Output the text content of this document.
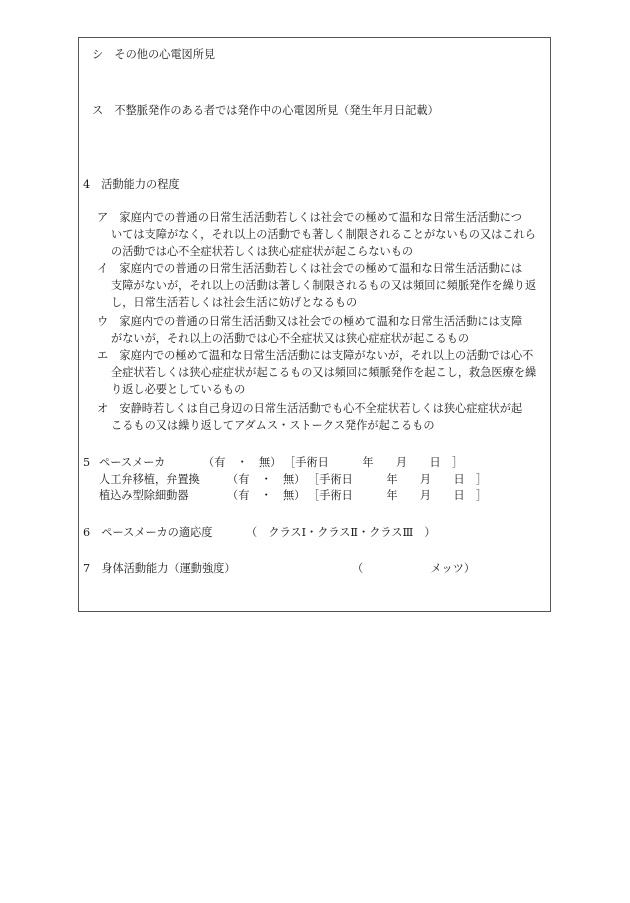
シ　その他の心電図所見
ス　不整脈発作のある者では発作中の心電図所見（発生年月日記載）
4　活動能力の程度
ア　家庭内での普通の日常生活活動若しくは社会での極めて温和な日常生活活動につ
いては支障がなく，それ以上の活動でも著しく制限されることがないもの又はこれら
の活動では心不全症状若しくは狭心症症状が起こらないもの
イ　家庭内での普通の日常生活活動若しくは社会での極めて温和な日常生活活動には
支障がないが，それ以上の活動は著しく制限されるもの又は頻回に頻脈発作を繰り返
し，日常生活若しくは社会生活に妨げとなるもの
ウ　家庭内での普通の日常生活活動又は社会での極めて温和な日常生活活動には支障
がないが，それ以上の活動では心不全症状又は狭心症症状が起こるもの
エ　家庭内での極めて温和な日常生活活動には支障がないが，それ以上の活動では心不
全症状若しくは狭心症症状が起こるもの又は頻回に頻脈発作を起こし，救急医療を繰
り返し必要としているもの
オ　安静時若しくは自己身辺の日常生活活動でも心不全症状若しくは狭心症症状が起
こるもの又は繰り返してアダムス・ストークス発作が起こるもの
5 ペースメーカ	（有　・　無） ［手術日　　　年　　月　　日　］
人工弁移植，弁置換 （有　・　無） ［手術日　　　年　　月　　日　］
植込み型除細動器	（有　・　無） ［手術日　　　年　　月　　日　］
6　ペースメーカの適応度	（　クラスⅠ・クラスⅡ・クラスⅢ　）
7　身体活動能力（運動強度）	（　　　　　　メッツ）
